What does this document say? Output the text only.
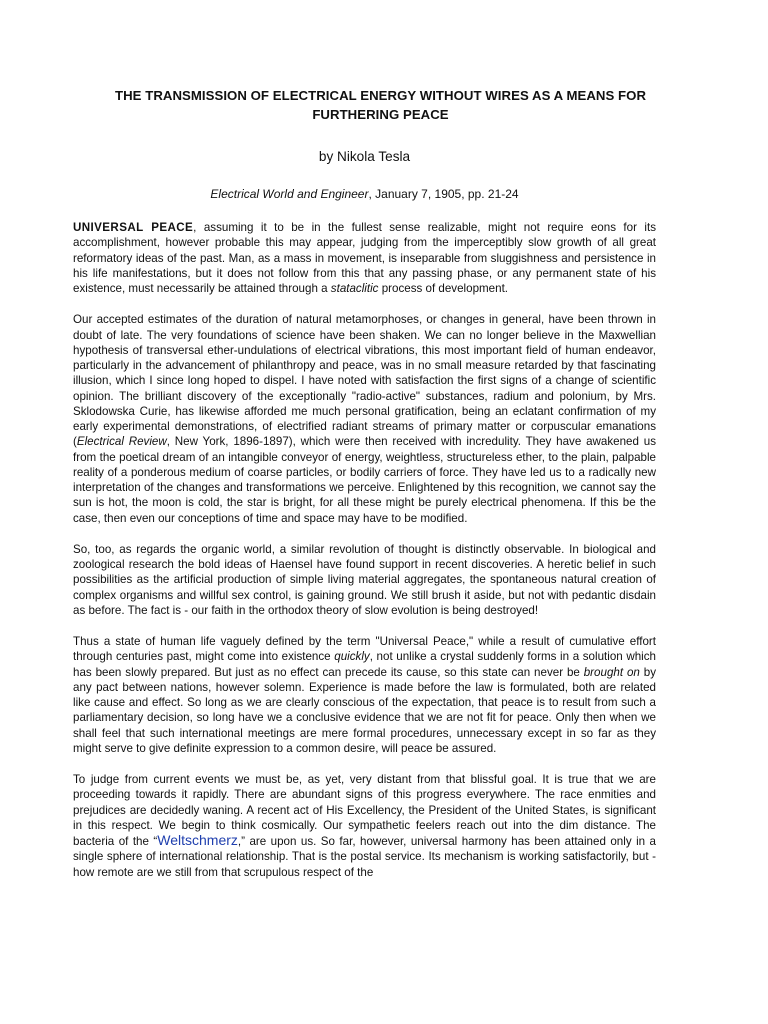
THE TRANSMISSION OF ELECTRICAL ENERGY WITHOUT WIRES AS A MEANS FOR
FURTHERING PEACE
by Nikola Tesla
Electrical World and Engineer, January 7, 1905, pp. 21-24

UNIVERSAL PEACE, assuming it to be in the fullest sense realizable, might not require eons for its accomplishment, however probable this may appear, judging from the imperceptibly slow growth of all great reformatory ideas of the past. Man, as a mass in movement, is inseparable from sluggishness and persistence in his life manifestations, but it does not follow from this that any passing phase, or any permanent state of his existence, must necessarily be attained through a stataclitic process of development.

Our accepted estimates of the duration of natural metamorphoses, or changes in general, have been thrown in doubt of late. The very foundations of science have been shaken. We can no longer believe in the Maxwellian hypothesis of transversal ether-undulations of electrical vibrations, this most important field of human endeavor, particularly in the advancement of philanthropy and peace, was in no small measure retarded by that fascinating illusion, which I since long hoped to dispel. I have noted with satisfaction the first signs of a change of scientific opinion. The brilliant discovery of the exceptionally "radio-active" substances, radium and polonium, by Mrs. Sklodowska Curie, has likewise afforded me much personal gratification, being an eclatant confirmation of my early experimental demonstrations, of electrified radiant streams of primary matter or corpuscular emanations (Electrical Review, New York, 1896-1897), which were then received with incredulity. They have awakened us from the poetical dream of an intangible conveyor of energy, weightless, structureless ether, to the plain, palpable reality of a ponderous medium of coarse particles, or bodily carriers of force. They have led us to a radically new interpretation of the changes and transformations we perceive. Enlightened by this recognition, we cannot say the sun is hot, the moon is cold, the star is bright, for all these might be purely electrical phenomena. If this be the case, then even our conceptions of time and space may have to be modified.

So, too, as regards the organic world, a similar revolution of thought is distinctly observable. In biological and zoological research the bold ideas of Haensel have found support in recent discoveries. A heretic belief in such possibilities as the artificial production of simple living material aggregates, the spontaneous natural creation of complex organisms and willful sex control, is gaining ground. We still brush it aside, but not with pedantic disdain as before. The fact is - our faith in the orthodox theory of slow evolution is being destroyed!

Thus a state of human life vaguely defined by the term "Universal Peace," while a result of cumulative effort through centuries past, might come into existence quickly, not unlike a crystal suddenly forms in a solution which has been slowly prepared. But just as no effect can precede its cause, so this state can never be brought on by any pact between nations, however solemn. Experience is made before the law is formulated, both are related like cause and effect. So long as we are clearly conscious of the expectation, that peace is to result from such a parliamentary decision, so long have we a conclusive evidence that we are not fit for peace. Only then when we shall feel that such international meetings are mere formal procedures, unnecessary except in so far as they might serve to give definite expression to a common desire, will peace be assured.

To judge from current events we must be, as yet, very distant from that blissful goal. It is true that we are proceeding towards it rapidly. There are abundant signs of this progress everywhere. The race enmities and prejudices are decidedly waning. A recent act of His Excellency, the President of the United States, is significant in this respect. We begin to think cosmically. Our sympathetic feelers reach out into the dim distance. The bacteria of the “Weltschmerz,” are upon us. So far, however, universal harmony has been attained only in a single sphere of international relationship. That is the postal service. Its mechanism is working satisfactorily, but - how remote are we still from that scrupulous respect of the
